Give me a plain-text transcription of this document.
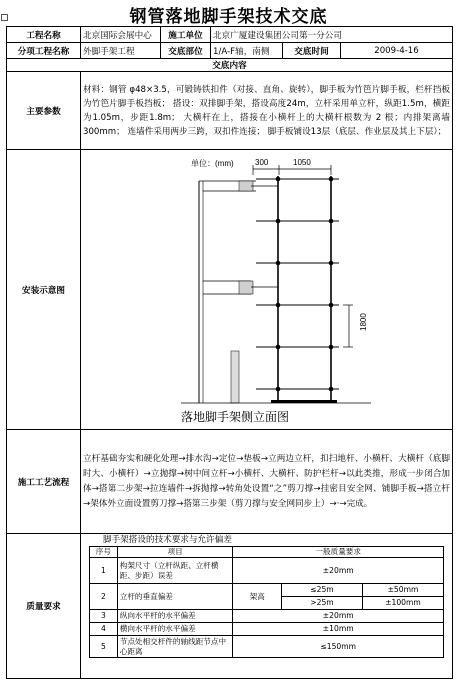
钢管落地脚手架技术交底
工程名称	北京国际会展中心	施工单位	北京广厦建设集团公司第一分公司
分项工程名称	外脚手架工程	交底部位	1/A-F轴，南侧	交底时间	2009-4-16
交底内容
主要参数	材料：钢管 φ48×3.5，可锻铸铁扣件（对接、直角、旋转），脚手板为竹笆片脚手板，栏杆挡板为竹笆片脚手板挡板； 搭设：双排脚手架，搭设高度24m，立杆采用单立杆，纵距1.5m，横距为1.05m，步距1.8m； 大横杆在上，搭接在小横杆上的大横杆根数为 2 根；内排架离墙 300mm； 连墙件采用两步三跨，双扣件连接； 脚手板铺设13层（底层、作业层及其上下层）；
安装示意图	
单位：(mm)	300	1050
1800
落地脚手架侧立面图

施工工艺流程	立杆基础夯实和硬化处理→排水沟→定位→垫板→立两边立杆，扣扫地杆、小横杆、大横杆（底脚时大、小横杆）→立抛撑→树中间立杆→小横杆、大横杆、防护栏杆→以此类推，形成一步闭合加体→搭第二步架→拉连墙件→拆抛撑→转角处设置“之”剪刀撑→挂密目安全网、铺脚手板→搭立杆→架体外立面设置剪刀撑→搭第三步架（剪刀撑与安全网同步上）→·→完成。
质量要求	
脚手架搭设的技术要求与允许偏差
序号	项目	一般质量要求
1	构架尺寸（立杆纵距、立杆横距、步距）误差	±20mm
2	立杆的垂直偏差	架高	≤25m	±50mm
>25m	±100mm
3	纵向水平杆的水平偏差	±20mm
4	横向水平杆的水平偏差	±10mm
5	节点处相交杆件的轴线距节点中心距离	≤150mm
